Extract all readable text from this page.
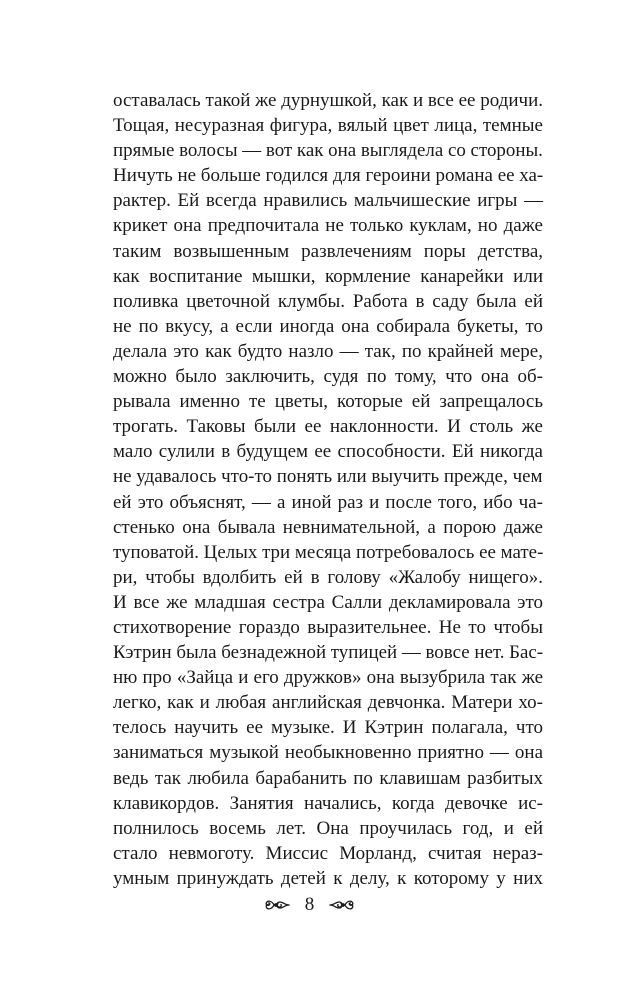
оставалась такой же дурнушкой, как и все ее родичи.
Тощая, несуразная фигура, вялый цвет лица, темные
прямые волосы — вот как она выглядела со стороны.
Ничуть не больше годился для героини романа ее ха-
рактер. Ей всегда нравились мальчишеские игры —
крикет она предпочитала не только куклам, но даже
таким возвышенным развлечениям поры детства,
как воспитание мышки, кормление канарейки или
поливка цветочной клумбы. Работа в саду была ей
не по вкусу, а если иногда она собирала букеты, то
делала это как будто назло — так, по крайней мере,
можно было заключить, судя по тому, что она об-
рывала именно те цветы, которые ей запрещалось
трогать. Таковы были ее наклонности. И столь же
мало сулили в будущем ее способности. Ей никогда
не удавалось что-то понять или выучить прежде, чем
ей это объяснят, — а иной раз и после того, ибо ча-
стенько она бывала невнимательной, а порою даже
туповатой. Целых три месяца потребовалось ее мате-
ри, чтобы вдолбить ей в голову «Жалобу нищего».
И все же младшая сестра Салли декламировала это
стихотворение гораздо выразительнее. Не то чтобы
Кэтрин была безнадежной тупицей — вовсе нет. Бас-
ню про «Зайца и его дружков» она вызубрила так же
легко, как и любая английская девчонка. Матери хо-
телось научить ее музыке. И Кэтрин полагала, что
заниматься музыкой необыкновенно приятно — она
ведь так любила барабанить по клавишам разбитых
клавикордов. Занятия начались, когда девочке ис-
полнилось восемь лет. Она проучилась год, и ей
стало невмоготу. Миссис Морланд, считая нераз-
умным принуждать детей к делу, к которому у них
8
